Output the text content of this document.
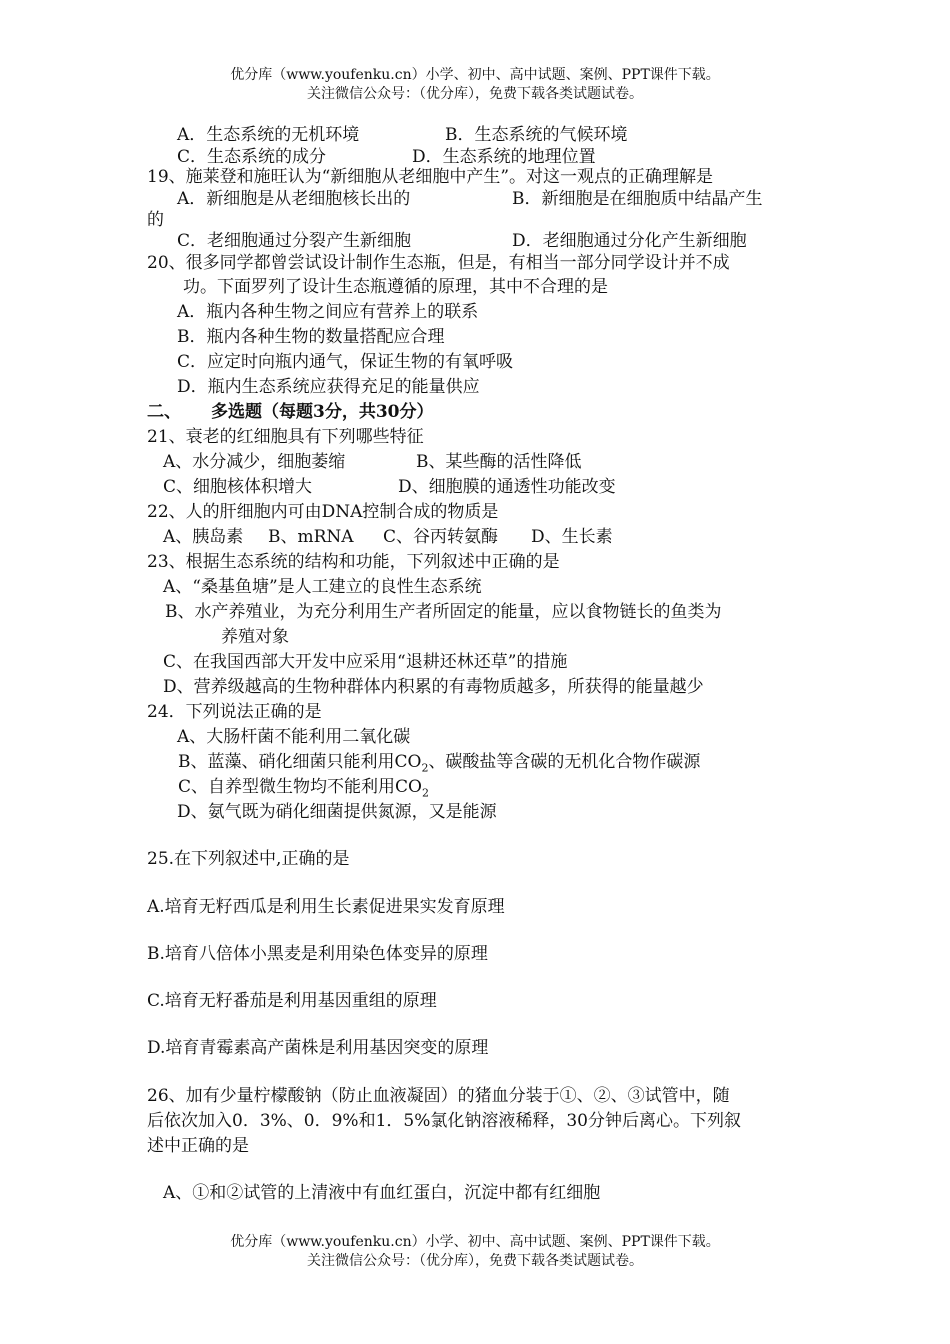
优分库（www.youfenku.cn）小学、初中、高中试题、案例、PPT课件下载。
关注微信公众号：（优分库），免费下载各类试题试卷。
A．生态系统的无机环境	B．生态系统的气候环境
C．生态系统的成分	D．生态系统的地理位置
19、施莱登和施旺认为“新细胞从老细胞中产生”。对这一观点的正确理解是
A．新细胞是从老细胞核长出的	B．新细胞是在细胞质中结晶产生
的
C．老细胞通过分裂产生新细胞	D．老细胞通过分化产生新细胞
20、很多同学都曾尝试设计制作生态瓶，但是，有相当一部分同学设计并不成
功。下面罗列了设计生态瓶遵循的原理，其中不合理的是
A．瓶内各种生物之间应有营养上的联系
B．瓶内各种生物的数量搭配应合理
C．应定时向瓶内通气，保证生物的有氧呼吸
D．瓶内生态系统应获得充足的能量供应
二、 多选题（每题3分，共30分）
21、衰老的红细胞具有下列哪些特征
A、水分减少，细胞萎缩	B、某些酶的活性降低
C、细胞核体积增大	D、细胞膜的通透性功能改变
22、人的肝细胞内可由DNA控制合成的物质是
A、胰岛素 B、mRNA C、谷丙转氨酶 D、生长素
23、根据生态系统的结构和功能，下列叙述中正确的是
A、“桑基鱼塘”是人工建立的良性生态系统
B、水产养殖业，为充分利用生产者所固定的能量，应以食物链长的鱼类为
养殖对象
C、在我国西部大开发中应采用“退耕还林还草”的措施
D、营养级越高的生物种群体内积累的有毒物质越多，所获得的能量越少
24．下列说法正确的是
A、大肠杆菌不能利用二氧化碳
B、蓝藻、硝化细菌只能利用$CO_2$、碳酸盐等含碳的无机化合物作碳源
C、自养型微生物均不能利用$CO_2$
D、氨气既为硝化细菌提供氮源，又是能源
25.在下列叙述中,正确的是
A.培育无籽西瓜是利用生长素促进果实发育原理
B.培育八倍体小黑麦是利用染色体变异的原理
C.培育无籽番茄是利用基因重组的原理
D.培育青霉素高产菌株是利用基因突变的原理
26、加有少量柠檬酸钠（防止血液凝固）的猪血分装于①、②、③试管中，随
后依次加入0．3%、0．9%和1．5%氯化钠溶液稀释，30分钟后离心。下列叙
述中正确的是
A、①和②试管的上清液中有血红蛋白，沉淀中都有红细胞
优分库（www.youfenku.cn）小学、初中、高中试题、案例、PPT课件下载。
关注微信公众号：（优分库），免费下载各类试题试卷。
